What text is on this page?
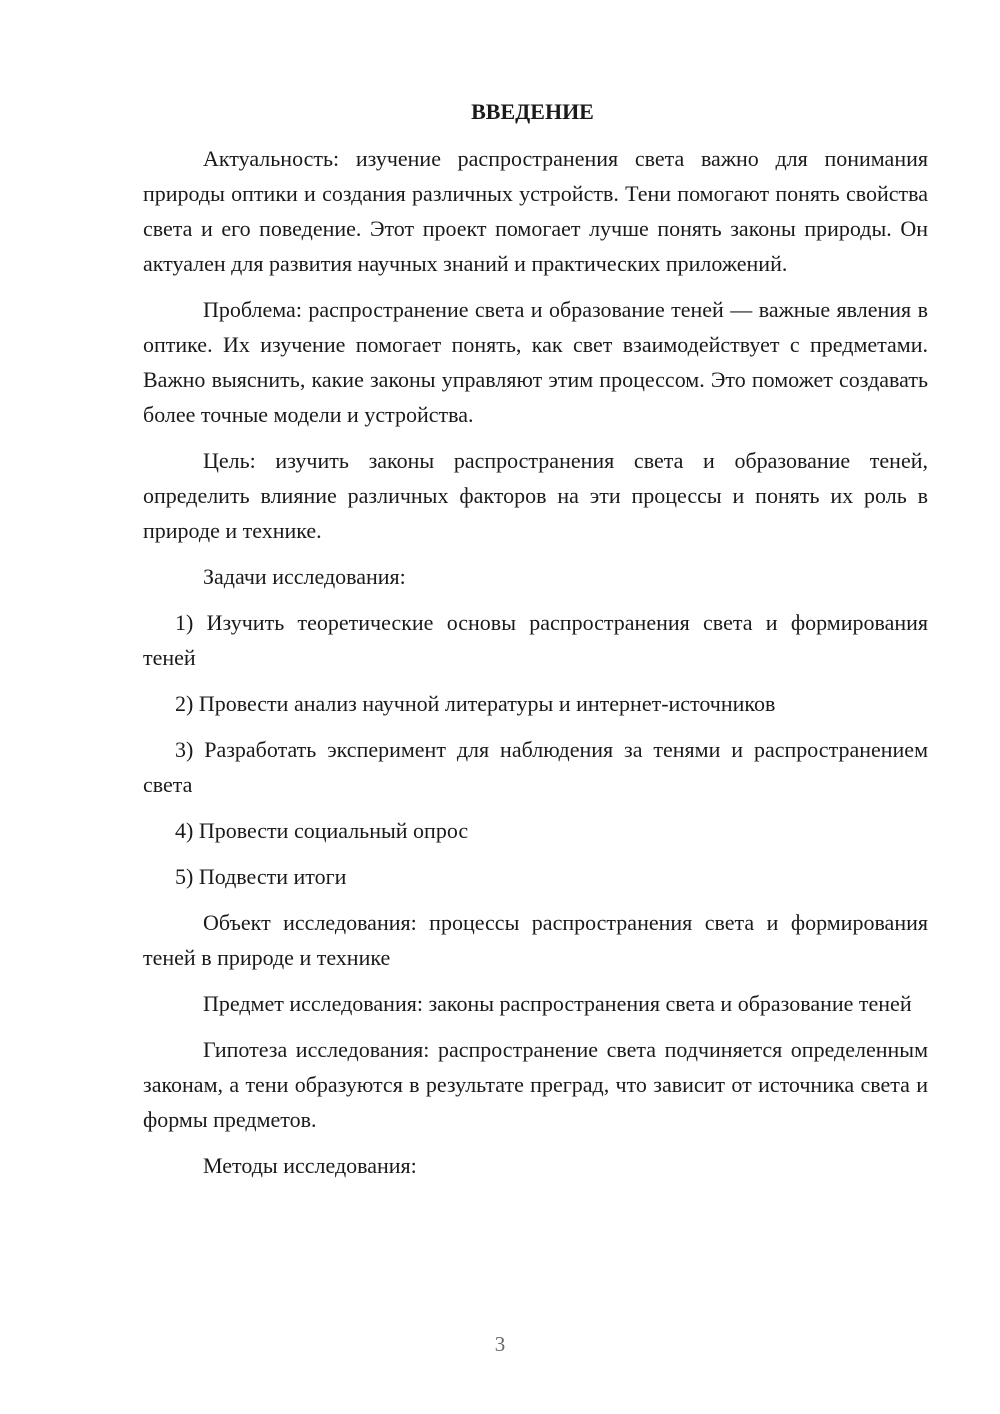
ВВЕДЕНИЕ

Актуальность: изучение распространения света важно для понимания природы оптики и создания различных устройств. Тени помогают понять свойства света и его поведение. Этот проект помогает лучше понять законы природы. Он актуален для развития научных знаний и практических приложений.

Проблема: распространение света и образование теней — важные явления в оптике. Их изучение помогает понять, как свет взаимодействует с предметами. Важно выяснить, какие законы управляют этим процессом. Это поможет создавать более точные модели и устройства.

Цель: изучить законы распространения света и образование теней, определить влияние различных факторов на эти процессы и понять их роль в природе и технике.

Задачи исследования:

1) Изучить теоретические основы распространения света и формирования теней

2) Провести анализ научной литературы и интернет-источников

3) Разработать эксперимент для наблюдения за тенями и распространением света

4) Провести социальный опрос

5) Подвести итоги

Объект исследования: процессы распространения света и формирования теней в природе и технике

Предмет исследования: законы распространения света и образование теней

Гипотеза исследования: распространение света подчиняется определенным законам, а тени образуются в результате преград, что зависит от источника света и формы предметов.

Методы исследования:

3
